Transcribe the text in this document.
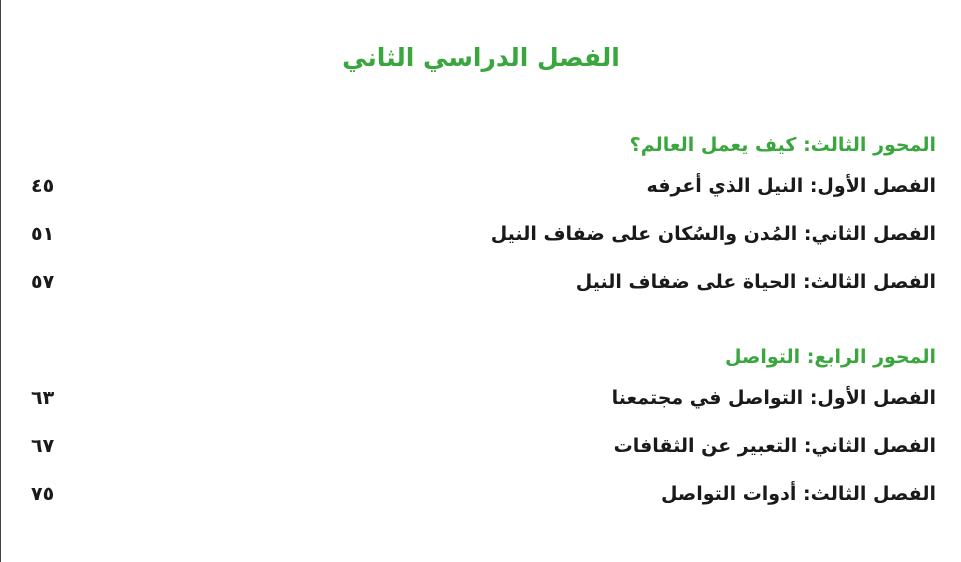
الفصل الدراسي الثاني
المحور الثالث: كيف يعمل العالم؟
الفصل الأول: النيل الذي أعرفه
٤٥
الفصل الثاني: المُدن والسُكان على ضفاف النيل
٥١
الفصل الثالث: الحياة على ضفاف النيل
٥٧
المحور الرابع: التواصل
الفصل الأول: التواصل في مجتمعنا
٦٣
الفصل الثاني: التعبير عن الثقافات
٦٧
الفصل الثالث: أدوات التواصل
٧٥
